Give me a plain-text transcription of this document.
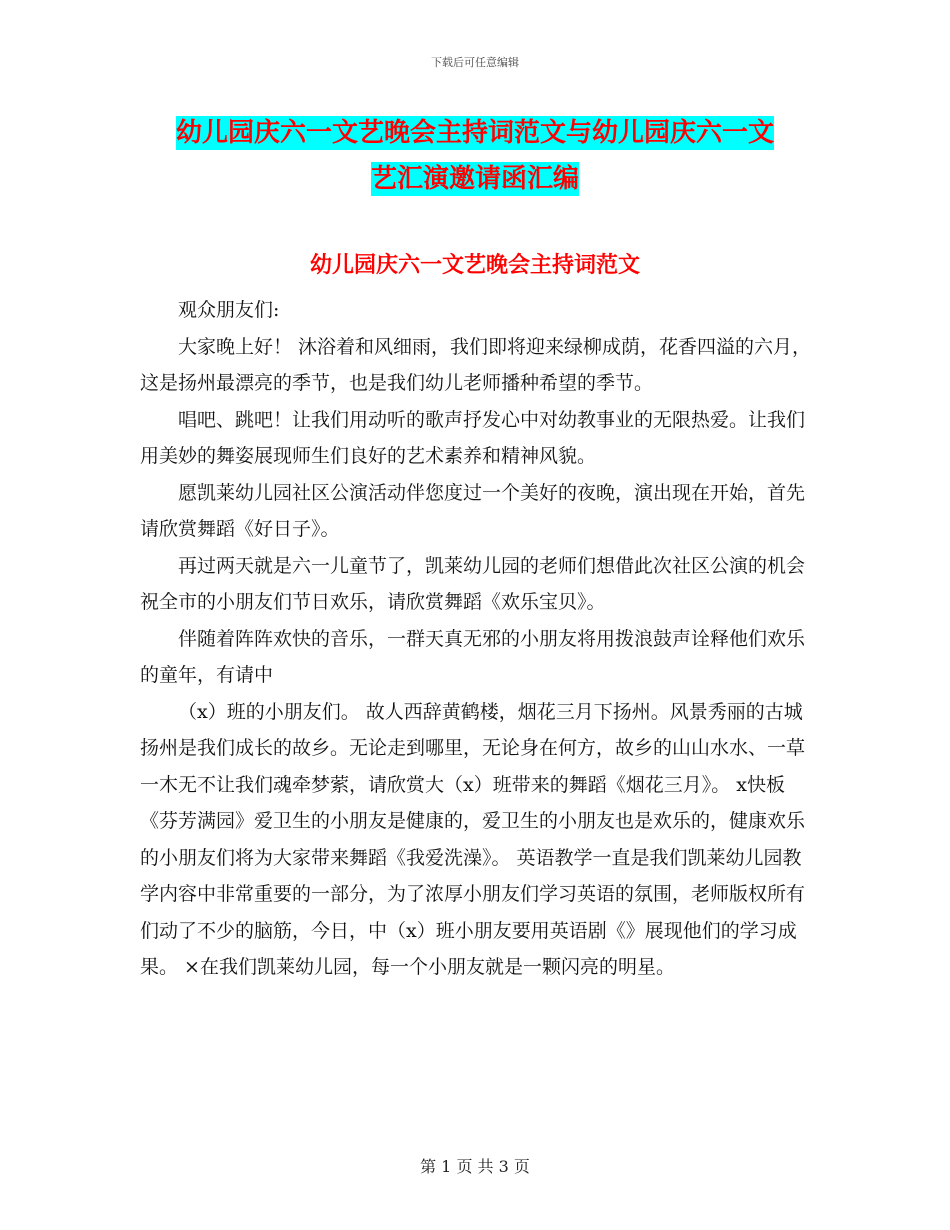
下载后可任意编辑
幼儿园庆六一文艺晚会主持词范文与幼儿园庆六一文
艺汇演邀请函汇编
幼儿园庆六一文艺晚会主持词范文

观众朋友们:

大家晚上好！ 沐浴着和风细雨，我们即将迎来绿柳成荫，花香四溢的六月，这是扬州最漂亮的季节，也是我们幼儿老师播种希望的季节。

唱吧、跳吧！让我们用动听的歌声抒发心中对幼教事业的无限热爱。让我们用美妙的舞姿展现师生们良好的艺术素养和精神风貌。

愿凯莱幼儿园社区公演活动伴您度过一个美好的夜晚，演出现在开始，首先请欣赏舞蹈《好日子》。

再过两天就是六一儿童节了，凯莱幼儿园的老师们想借此次社区公演的机会祝全市的小朋友们节日欢乐，请欣赏舞蹈《欢乐宝贝》。

伴随着阵阵欢快的音乐，一群天真无邪的小朋友将用拨浪鼓声诠释他们欢乐的童年，有请中

（x）班的小朋友们。 故人西辞黄鹤楼，烟花三月下扬州。风景秀丽的古城扬州是我们成长的故乡。无论走到哪里，无论身在何方，故乡的山山水水、一草一木无不让我们魂牵梦萦，请欣赏大（x）班带来的舞蹈《烟花三月》。 x快板《芬芳满园》爱卫生的小朋友是健康的，爱卫生的小朋友也是欢乐的，健康欢乐的小朋友们将为大家带来舞蹈《我爱洗澡》。 英语教学一直是我们凯莱幼儿园教学内容中非常重要的一部分，为了浓厚小朋友们学习英语的氛围，老师版权所有们动了不少的脑筋，今日，中（x）班小朋友要用英语剧《》展现他们的学习成果。 ×在我们凯莱幼儿园，每一个小朋友就是一颗闪亮的明星。

第 1 页 共 3 页
